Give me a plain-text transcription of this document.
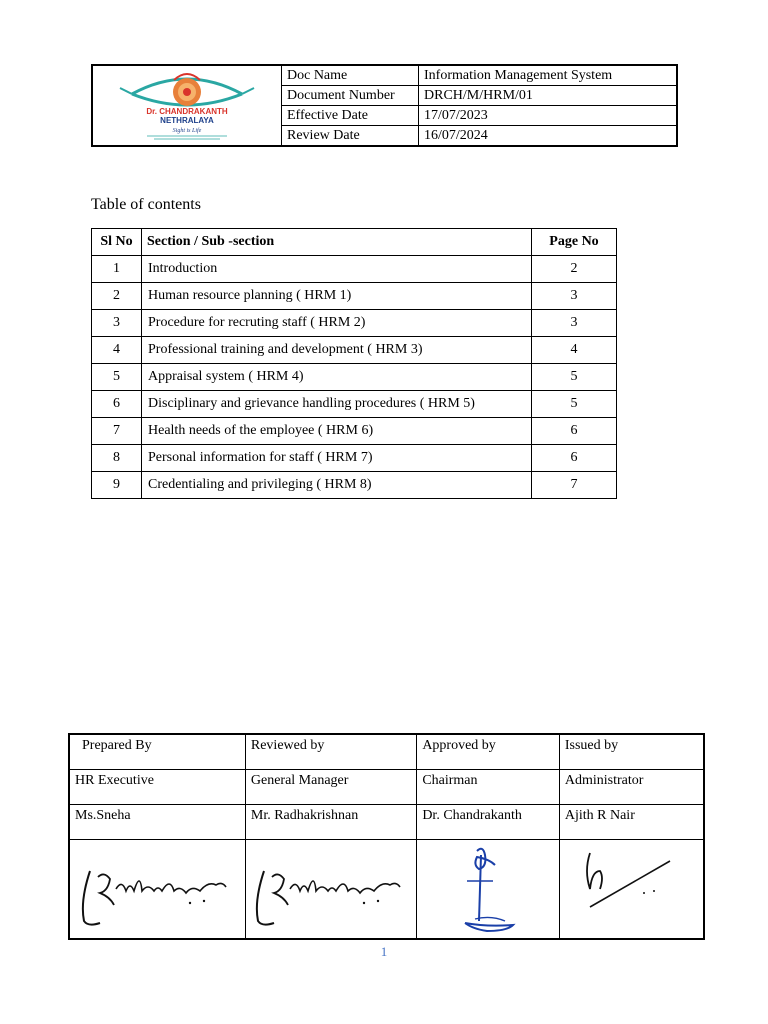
Dr. CHANDRAKANTH
NETHRALAYA
Sight is Life	Doc Name	Information Management System
	Document Number	DRCH/M/HRM/01
	Effective Date	17/07/2023
	Review Date	16/07/2024
Table of contents
Sl No	Section / Sub -section	Page No
1	Introduction	2
2	Human resource planning ( HRM 1)	3
3	Procedure for recruting staff ( HRM 2)	3
4	Professional training and development ( HRM 3)	4
5	Appraisal system ( HRM 4)	5
6	Disciplinary and grievance handling procedures ( HRM 5)	5
7	Health needs of the employee ( HRM 6)	6
8	Personal information for staff ( HRM 7)	6
9	Credentialing and privileging ( HRM 8)	7
Prepared By	Reviewed by	Approved by	Issued by
HR Executive	General Manager	Chairman	Administrator
Ms.Sneha	Mr. Radhakrishnan	Dr. Chandrakanth	Ajith R Nair

1
